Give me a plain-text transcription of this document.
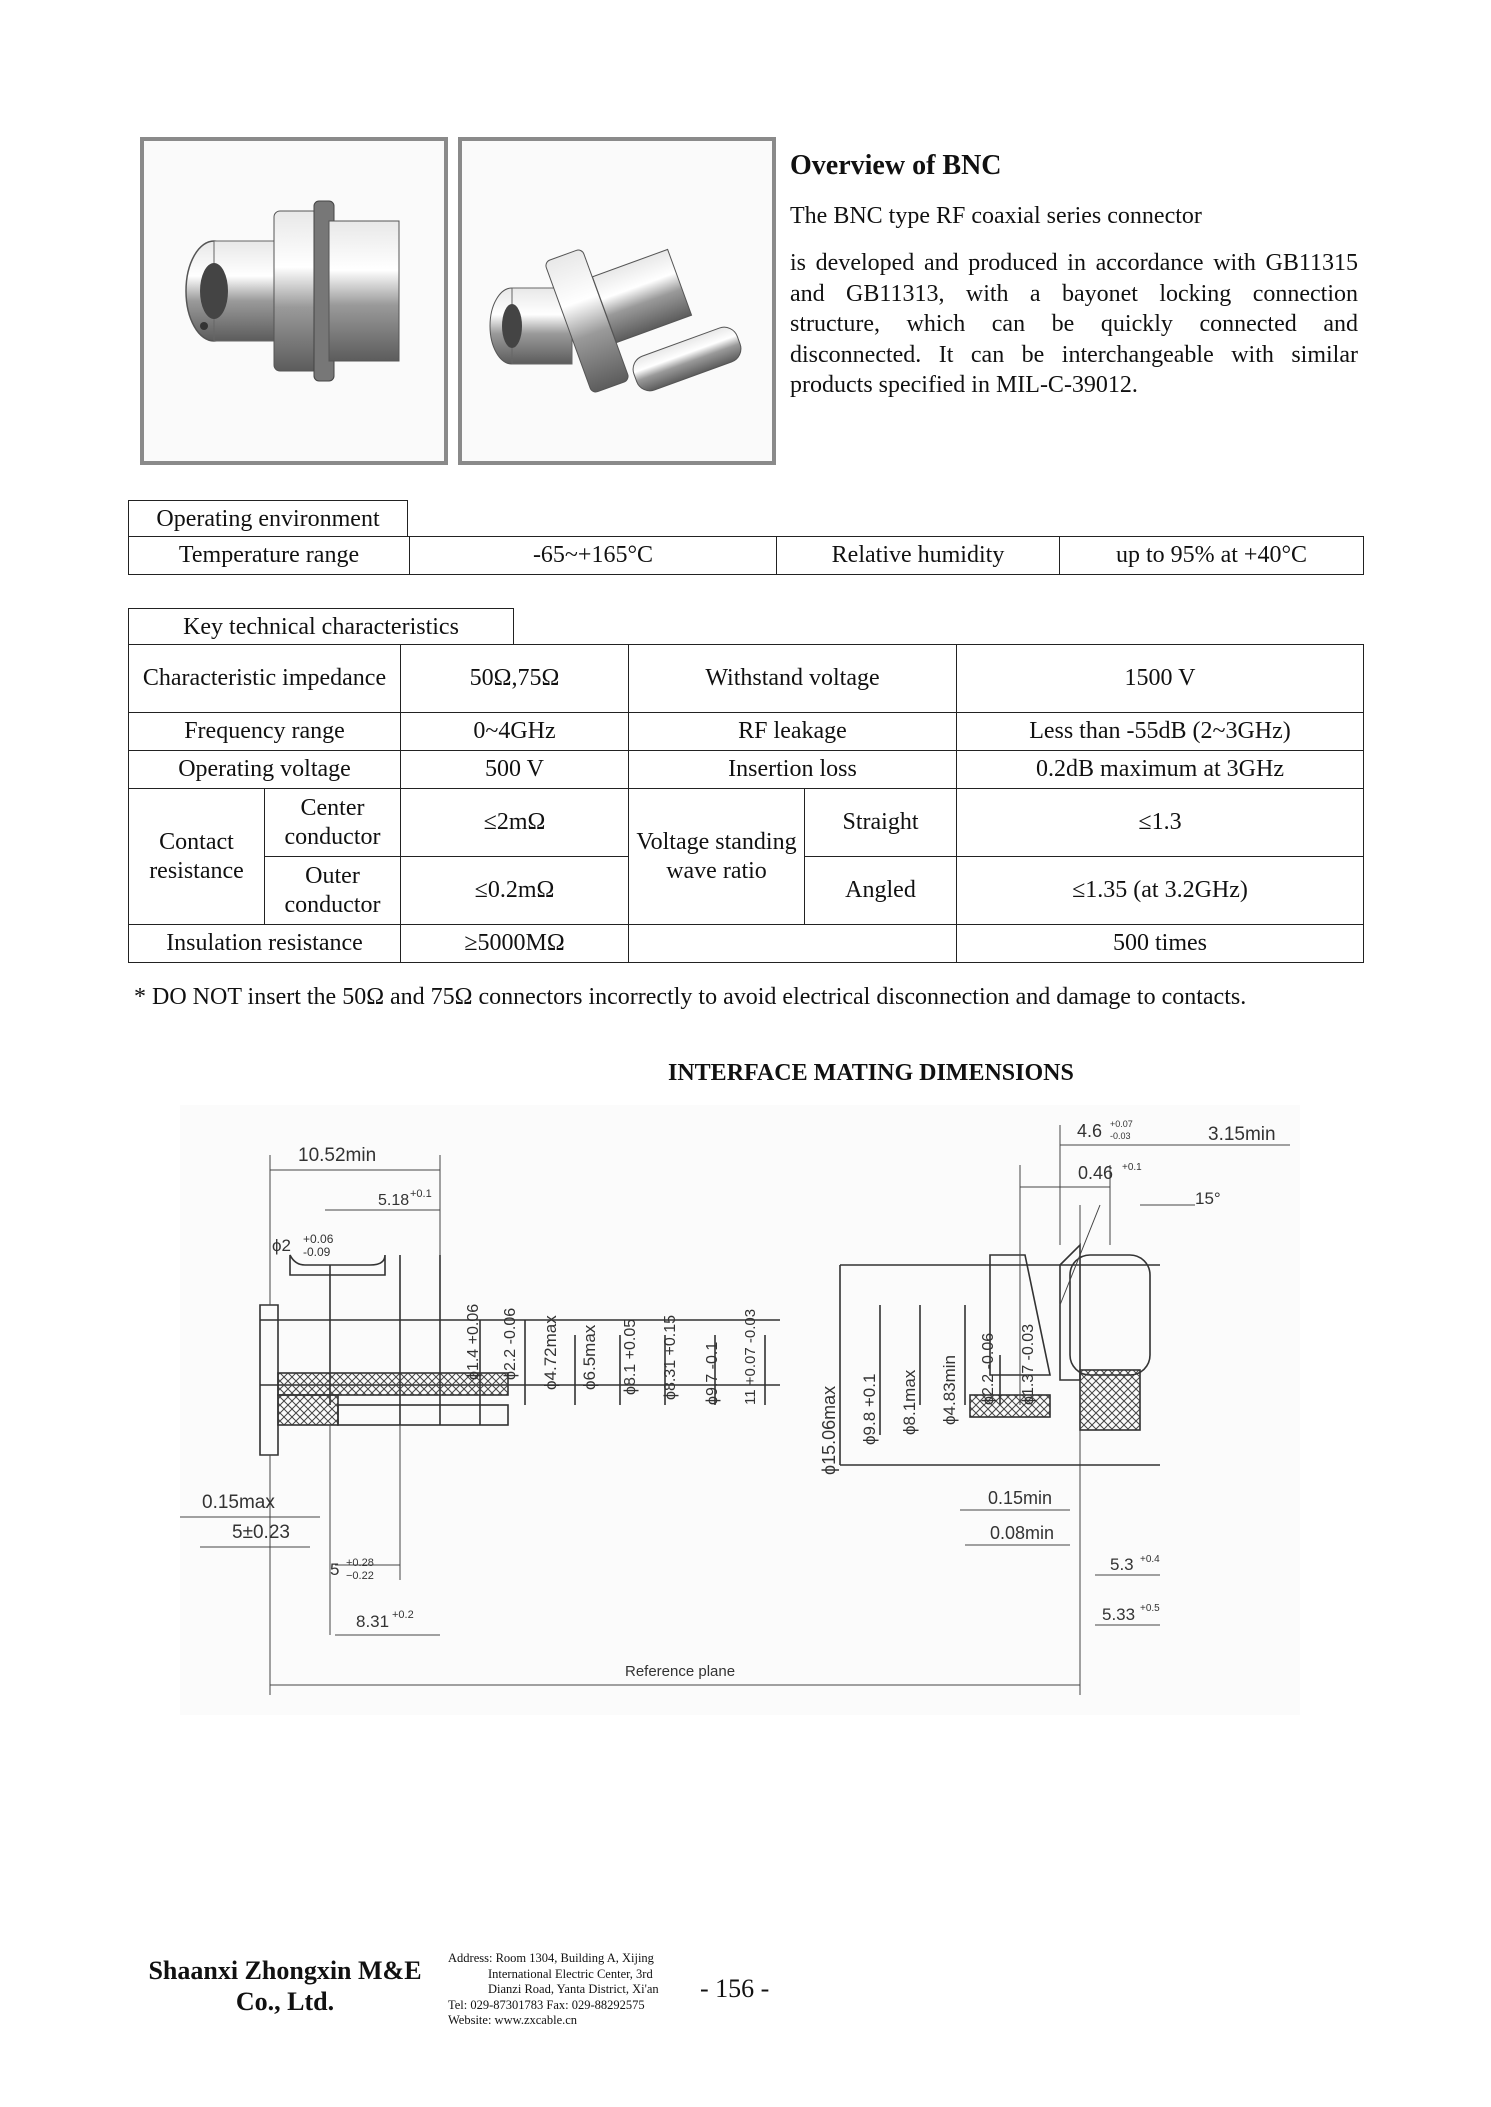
Overview of BNC
The BNC type RF coaxial series connector
is developed and produced in accordance with GB11315 and GB11313, with a bayonet locking connection structure, which can be quickly connected and disconnected. It can be interchangeable with similar products specified in MIL-C-39012.
Operating environment
Temperature range	-65~+165°C	Relative humidity	up to 95% at +40°C
Key technical characteristics
Characteristic impedance		50Ω,75Ω	Withstand voltage		1500 V
Frequency range		0~4GHz	RF leakage		Less than -55dB (2~3GHz)
Operating voltage		500 V	Insertion loss		0.2dB maximum at 3GHz
Contact resistance	Center conductor	≤2mΩ	Voltage standing wave ratio	Straight	≤1.3
	Outer conductor	≤0.2mΩ		Angled	≤1.35 (at 3.2GHz)
Insulation resistance		≥5000MΩ			500 times
* DO NOT insert the 50Ω and 75Ω connectors incorrectly to avoid electrical disconnection and damage to contacts.
INTERFACE MATING DIMENSIONS
10.52min
5.18 +0.1
ϕ2 +0.06
-0.09
ϕ1.4 +0.06 ϕ2.2 -0.06 ϕ4.72max ϕ6.5max ϕ8.1 +0.05 ϕ8.31 +0.15 ϕ9.7 -0.1 11 +0.07 -0.03
0.15max
5±0.23
5 +0.28
−0.22
8.31 +0.2
Reference plane
ϕ15.06max ϕ9.8 +0.1 ϕ8.1max ϕ4.83min ϕ2.2 -0.06 ϕ1.37 -0.03
4.6 +0.07
-0.03	3.15min
0.46 +0.1
15°
0.15min
0.08min
5.3 +0.4
5.33 +0.5
Shaanxi Zhongxin M&E Co., Ltd.
Address: Room 1304, Building A, Xijing
International Electric Center, 3rd
Dianzi Road, Yanta District, Xi'an
Tel: 029-87301783 Fax: 029-88292575
Website: www.zxcable.cn
- 156 -
